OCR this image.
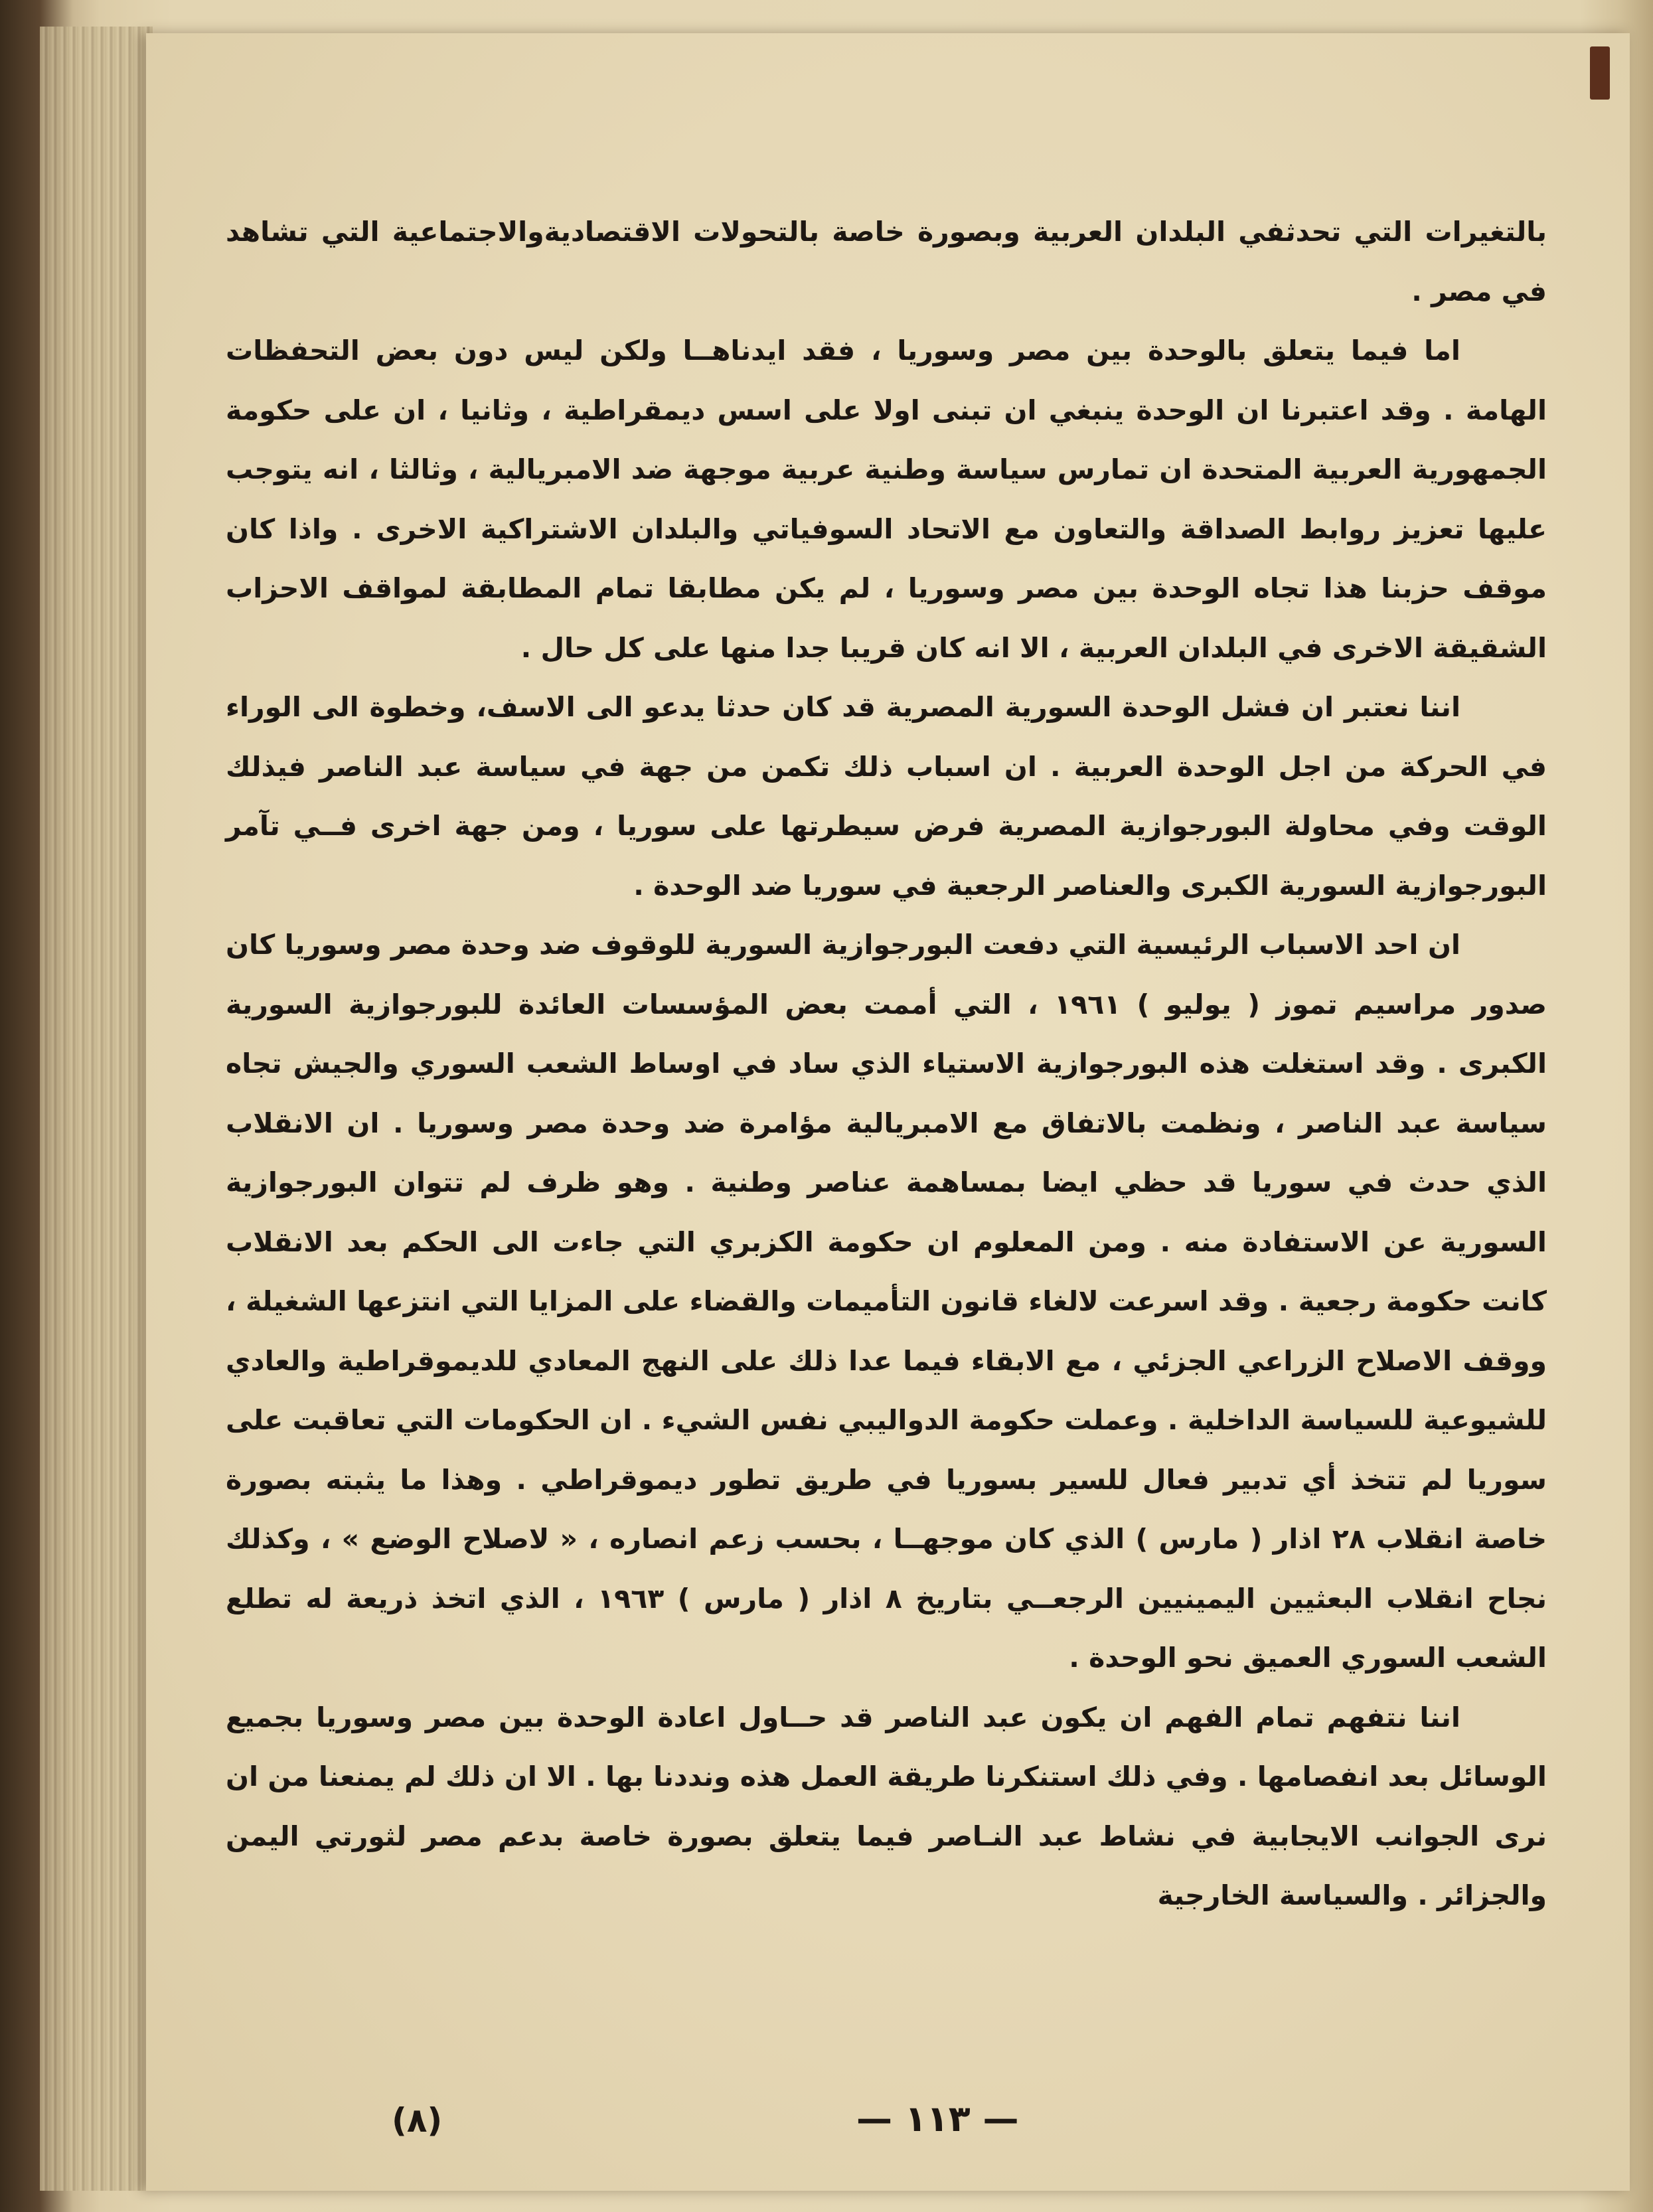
بالتغيرات التي تحدثفي البلدان العربية وبصورة خاصة بالتحولات الاقتصاديةوالاجتماعية التي تشاهد في مصر .

اما فيما يتعلق بالوحدة بين مصر وسوريا ، فقد ايدناهــا ولكن ليس دون بعض التحفظات الهامة . وقد اعتبرنا ان الوحدة ينبغي ان تبنى اولا على اسس ديمقراطية ، وثانيا ، ان على حكومة الجمهورية العربية المتحدة ان تمارس سياسة وطنية عربية موجهة ضد الامبريالية ، وثالثا ، انه يتوجب عليها تعزيز روابط الصداقة والتعاون مع الاتحاد السوفياتي والبلدان الاشتراكية الاخرى . واذا كان موقف حزبنا هذا تجاه الوحدة بين مصر وسوريا ، لم يكن مطابقا تمام المطابقة لمواقف الاحزاب الشقيقة الاخرى في البلدان العربية ، الا انه كان قريبا جدا منها على كل حال .

اننا نعتبر ان فشل الوحدة السورية المصرية قد كان حدثا يدعو الى الاسف، وخطوة الى الوراء في الحركة من اجل الوحدة العربية . ان اسباب ذلك تكمن من جهة في سياسة عبد الناصر فيذلك الوقت وفي محاولة البورجوازية المصرية فرض سيطرتها على سوريا ، ومن جهة اخرى فــي تآمر البورجوازية السورية الكبرى والعناصر الرجعية في سوريا ضد الوحدة .

ان احد الاسباب الرئيسية التي دفعت البورجوازية السورية للوقوف ضد وحدة مصر وسوريا كان صدور مراسيم تموز ( يوليو ) ١٩٦١ ، التي أممت بعض المؤسسات العائدة للبورجوازية السورية الكبرى . وقد استغلت هذه البورجوازية الاستياء الذي ساد في اوساط الشعب السوري والجيش تجاه سياسة عبد الناصر ، ونظمت بالاتفاق مع الامبريالية مؤامرة ضد وحدة مصر وسوريا . ان الانقلاب الذي حدث في سوريا قد حظي ايضا بمساهمة عناصر وطنية . وهو ظرف لم تتوان البورجوازية السورية عن الاستفادة منه . ومن المعلوم ان حكومة الكزبري التي جاءت الى الحكم بعد الانقلاب كانت حكومة رجعية . وقد اسرعت لالغاء قانون التأميمات والقضاء على المزايا التي انتزعها الشغيلة ، ووقف الاصلاح الزراعي الجزئي ، مع الابقاء فيما عدا ذلك على النهج المعادي للديموقراطية والعادي للشيوعية للسياسة الداخلية . وعملت حكومة الدواليبي نفس الشيء . ان الحكومات التي تعاقبت على سوريا لم تتخذ أي تدبير فعال للسير بسوريا في طريق تطور ديموقراطي . وهذا ما يثبته بصورة خاصة انقلاب ٢٨ اذار ( مارس ) الذي كان موجهــا ، بحسب زعم انصاره ، « لاصلاح الوضع » ، وكذلك نجاح انقلاب البعثيين اليمينيين الرجعــي بتاريخ ٨ اذار ( مارس ) ١٩٦٣ ، الذي اتخذ ذريعة له تطلع الشعب السوري العميق نحو الوحدة .

اننا نتفهم تمام الفهم ان يكون عبد الناصر قد حــاول اعادة الوحدة بين مصر وسوريا بجميع الوسائل بعد انفصامها . وفي ذلك استنكرنا طريقة العمل هذه ونددنا بها . الا ان ذلك لم يمنعنا من ان نرى الجوانب الايجابية في نشاط عبد النـاصر فيما يتعلق بصورة خاصة بدعم مصر لثورتي اليمن والجزائر . والسياسة الخارجية

(٨)	— ١١٣ —
